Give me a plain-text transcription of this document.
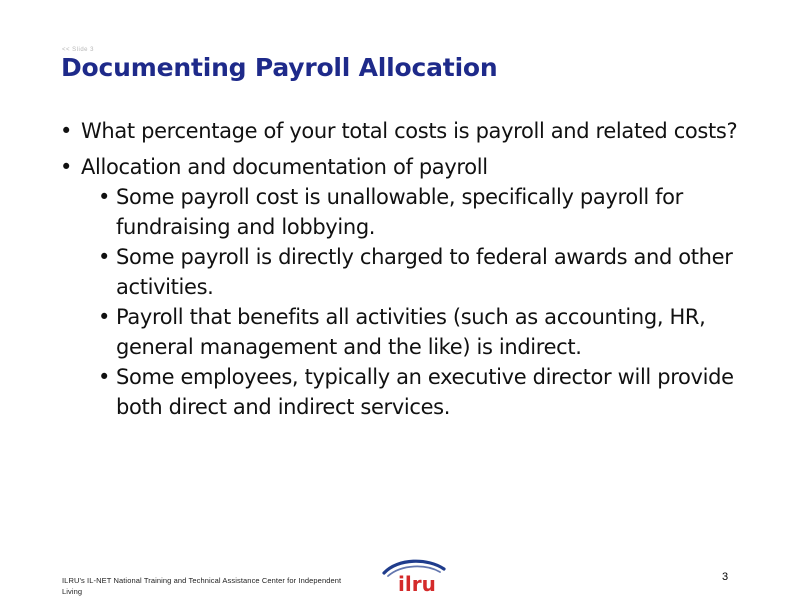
<< Slide 3
Documenting Payroll Allocation
• What percentage of your total costs is payroll and related costs?
• Allocation and documentation of payroll
• Some payroll cost is unallowable, specifically payroll for fundraising and lobbying.
• Some payroll is directly charged to federal awards and other activities.
• Payroll that benefits all activities (such as accounting, HR, general management and the like) is indirect.
• Some employees, typically an executive director will provide both direct and indirect services.
ILRU's IL-NET National Training and Technical Assistance Center for Independent Living	ilru	3
